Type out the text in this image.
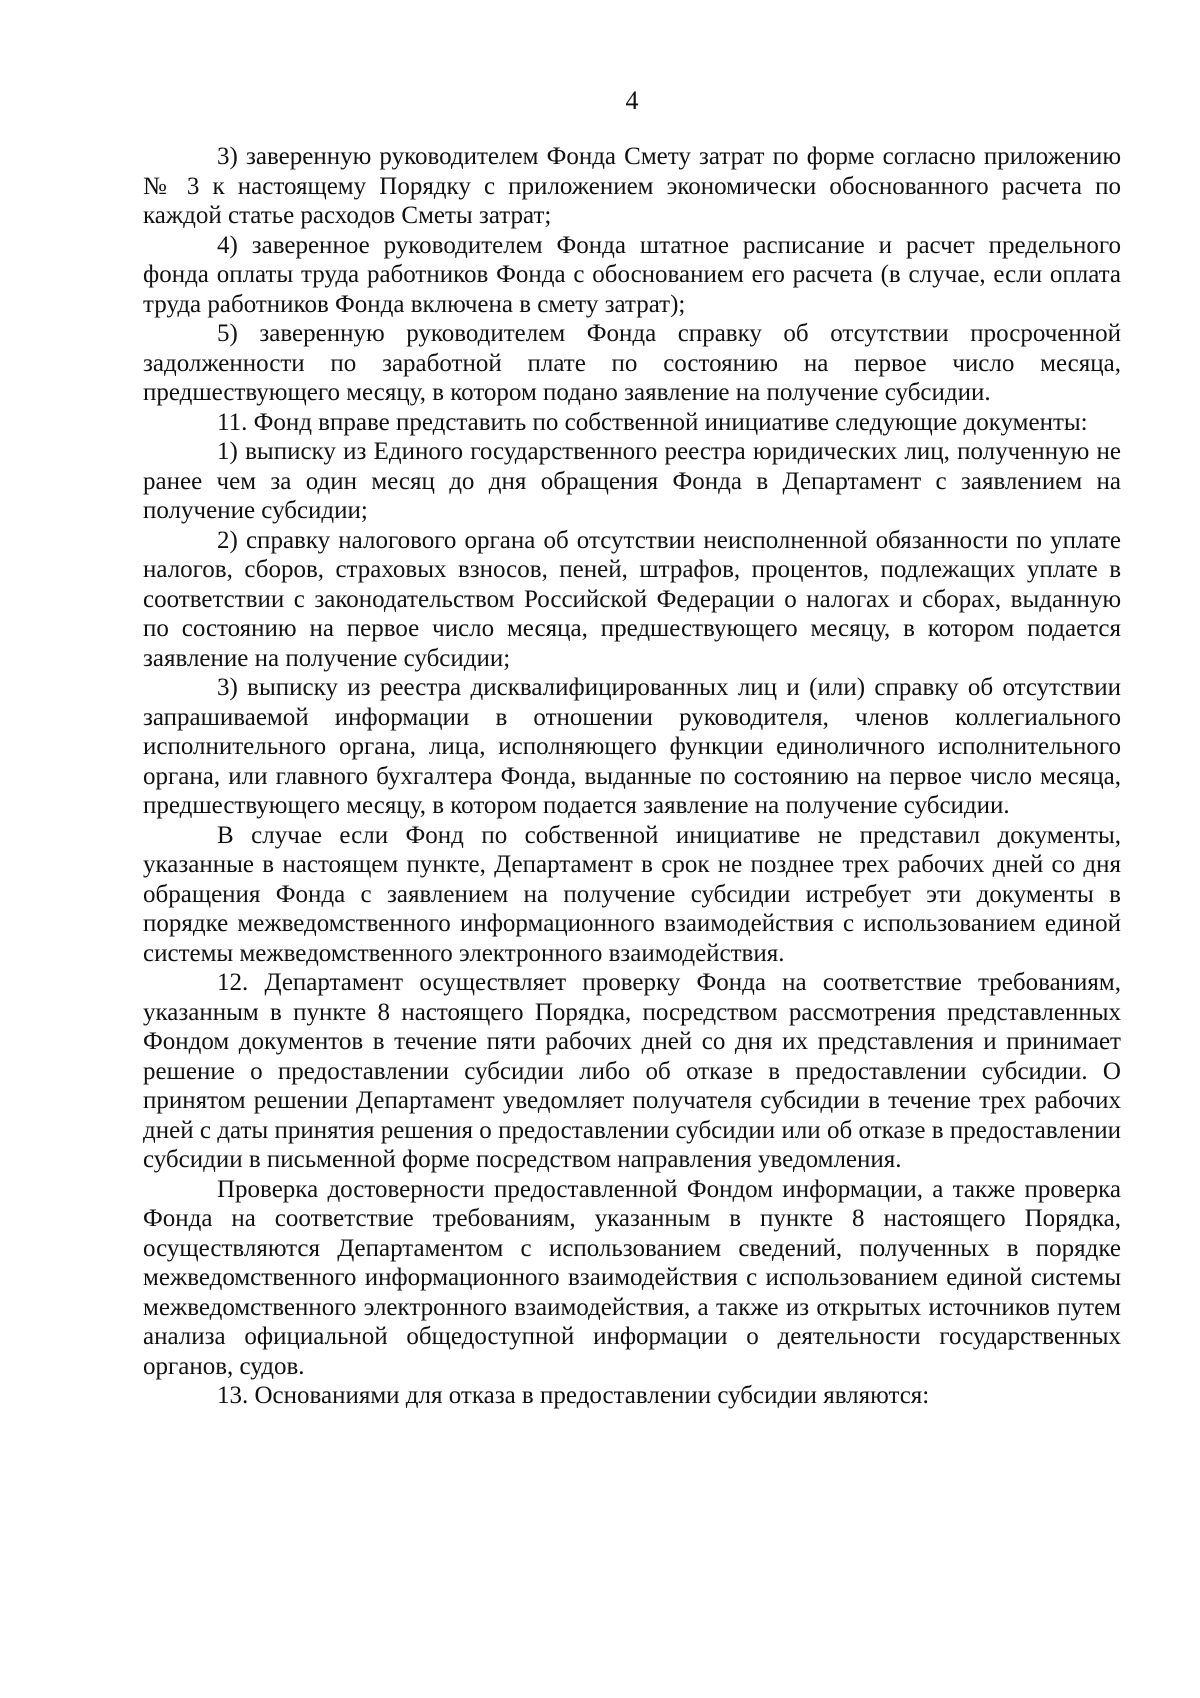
4

3) заверенную руководителем Фонда Смету затрат по форме согласно приложению № 3 к настоящему Порядку с приложением экономически обоснованного расчета по каждой статье расходов Сметы затрат;

4) заверенное руководителем Фонда штатное расписание и расчет предельного фонда оплаты труда работников Фонда с обоснованием его расчета (в случае, если оплата труда работников Фонда включена в смету затрат);

5) заверенную руководителем Фонда справку об отсутствии просроченной задолженности по заработной плате по состоянию на первое число месяца, предшествующего месяцу, в котором подано заявление на получение субсидии.

11. Фонд вправе представить по собственной инициативе следующие документы:

1) выписку из Единого государственного реестра юридических лиц, полученную не ранее чем за один месяц до дня обращения Фонда в Департамент с заявлением на получение субсидии;

2) справку налогового органа об отсутствии неисполненной обязанности по уплате налогов, сборов, страховых взносов, пеней, штрафов, процентов, подлежащих уплате в соответствии с законодательством Российской Федерации о налогах и сборах, выданную по состоянию на первое число месяца, предшествующего месяцу, в котором подается заявление на получение субсидии;

3) выписку из реестра дисквалифицированных лиц и (или) справку об отсутствии запрашиваемой информации в отношении руководителя, членов коллегиального исполнительного органа, лица, исполняющего функции единоличного исполнительного органа, или главного бухгалтера Фонда, выданные по состоянию на первое число месяца, предшествующего месяцу, в котором подается заявление на получение субсидии.

В случае если Фонд по собственной инициативе не представил документы, указанные в настоящем пункте, Департамент в срок не позднее трех рабочих дней со дня обращения Фонда с заявлением на получение субсидии истребует эти документы в порядке межведомственного информационного взаимодействия с использованием единой системы межведомственного электронного взаимодействия.

12. Департамент осуществляет проверку Фонда на соответствие требованиям, указанным в пункте 8 настоящего Порядка, посредством рассмотрения представленных Фондом документов в течение пяти рабочих дней со дня их представления и принимает решение о предоставлении субсидии либо об отказе в предоставлении субсидии. О принятом решении Департамент уведомляет получателя субсидии в течение трех рабочих дней с даты принятия решения о предоставлении субсидии или об отказе в предоставлении субсидии в письменной форме посредством направления уведомления.

Проверка достоверности предоставленной Фондом информации, а также проверка Фонда на соответствие требованиям, указанным в пункте 8 настоящего Порядка, осуществляются Департаментом с использованием сведений, полученных в порядке межведомственного информационного взаимодействия с использованием единой системы межведомственного электронного взаимодействия, а также из открытых источников путем анализа официальной общедоступной информации о деятельности государственных органов, судов.

13. Основаниями для отказа в предоставлении субсидии являются:
